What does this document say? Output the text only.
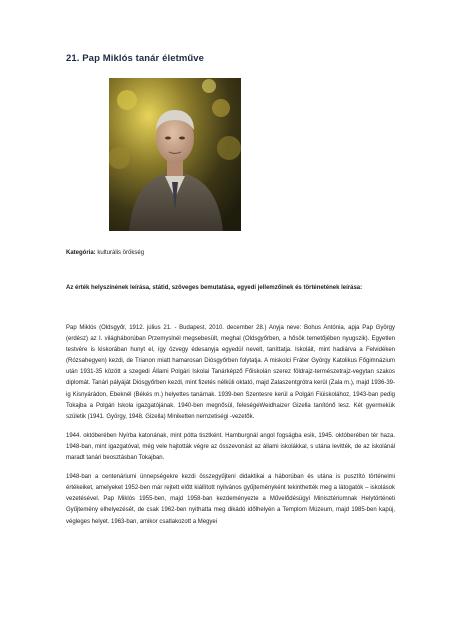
21. Pap Miklós tanár életműve
Kategória: kulturális örökség
Az érték helyszínének leírása, státid, szöveges bemutatása, egyedi jellemzőinek és történetének leírása:

Pap Miklós (Oldsgyőr, 1912. július 21. - Budapest, 2010. december 28.) Anyja neve: Bohus Antónia, apja Pap György (erdész) az I. világháborúban Przemyslnél megsebesült, meghal (Oldsgyőrben, a hősök temetőjében nyugszik). Egyetlen testvére is kiskorában hunyt el, így özvegy édesanyja egyedül nevelt, taníttatja. Iskoláit, mint hadiárva a Felvidéken (Rózsahegyen) kezdi, de Trianon miatt hamarosan Diósgyőrben folytatja. A miskolci Fráter György Katolikus Főgimnázium után 1931-35 között a szegedi Állami Polgári Iskolai Tanárképző Főiskolán szerez földrajz-természetrajz-vegytan szakos diplomát. Tanári pályáját Diósgyőrben kezdi, mint fizetés nélküli oktató, majd Zalaszentgrótra kerül (Zala m.), majd 1936-39-ig Kisnyárádon, Ebeknél (Békés m.) helyettes tanárnak. 1939-ben Szentesre kerül a Polgári Fiúiskolához, 1943-ban pedig Tokajba a Polgári Iskola igazgatójának. 1940-ben megnősül, feleségeWeidhaizer Gizella tanítónő lesz. Két gyermekük születik (1941. György, 1948. Gizella) Miniketten nemzetiségi -vezetők.

1944. októberében Nyírba katonának, mint pótta tisztként. Hamburgnál angol fogságba esik, 1945. októberében tér haza. 1948-ban, mint igazgatóval, még vele hajtották végre az összevonást az állami iskolákkal, s utána levitték, de az iskolánál maradt tanári beosztásban Tokajban.

1948-ban a centenáriumi ünnepségekre kezdi összegyűjteni didaktikai a háborúban és utána is pusztító történelmi értékeiket, amelyeket 1952-ben már rejtett előtt kiállított nyilvános gyűjteményként tekinthették meg a látogatók – iskolások vezetésével. Pap Miklós 1955-ben, majd 1958-ban kezdeményezte a Művelődésügyi Minisztériumnak Helytörténeti Gyűjtemény elhelyezését, de csak 1962-ben nyithatta meg dikádó időlhelyén a Templom Múzeum, majd 1985-ben kapúj, végleges helyet. 1963-ban, amikor csatlakozott a Megyei
